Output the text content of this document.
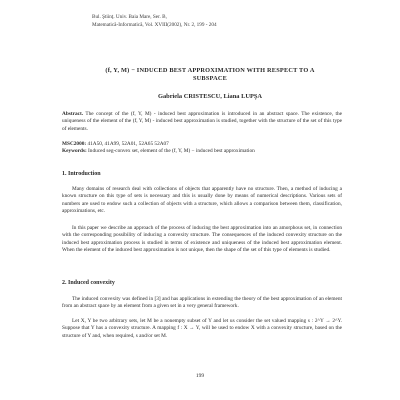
Bul. Ştiinţ. Univ. Baia Mare, Ser. B,
Matematică-Informatică, Vol. XVIII(2002), Nr. 2, 199 - 204
(f, Y, M) − INDUCED BEST APPROXIMATION WITH RESPECT TO A SUBSPACE
Gabriela CRISTESCU, Liana LUPŞA
Abstract. The concept of the (f, Y, M) - induced best approximation is introduced in an abstract space. The existence, the uniqueness of the element of the (f, Y, M) - induced best approximation is studied, together with the structure of the set of this type of elements.
MSC2000: 41A50, 41A99, 52A01, 52A65 52A07
Keywords: Induced seg-convex set, element of the (f, Y, M) − induced best approximation
1. Introduction
Many domains of research deal with collections of objects that apparently have no structure. Then, a method of inducing a known structure on this type of sets is necessary and this is usually done by means of numerical descriptions. Various sets of numbers are used to endow such a collection of objects with a structure, which allows a comparison between them, classification, approximations, etc.
In this paper we describe an approach of the process of inducing the best approximation into an amorphous set, in connection with the corresponding possibility of inducing a convexity structure. The consequences of the induced convexity structure on the induced best approximation process is studied in terms of existence and uniqueness of the induced best approximation element. When the element of the induced best approximation is not unique, then the shape of the set of this type of elements is studied.
2. Induced convexity
The induced convexity was defined in [3] and has applications in extending the theory of the best approximation of an element from an abstract space by an element from a given set in a very general framework.
Let X, Y be two arbitrary sets, let M be a nonempty subset of Y and let us consider the set valued mapping s : 2^Y → 2^Y. Suppose that Y has a convexity structure. A mapping f : X → Y, will be used to endow X with a convexity structure, based on the structure of Y and, when required, s and/or set M.
199
